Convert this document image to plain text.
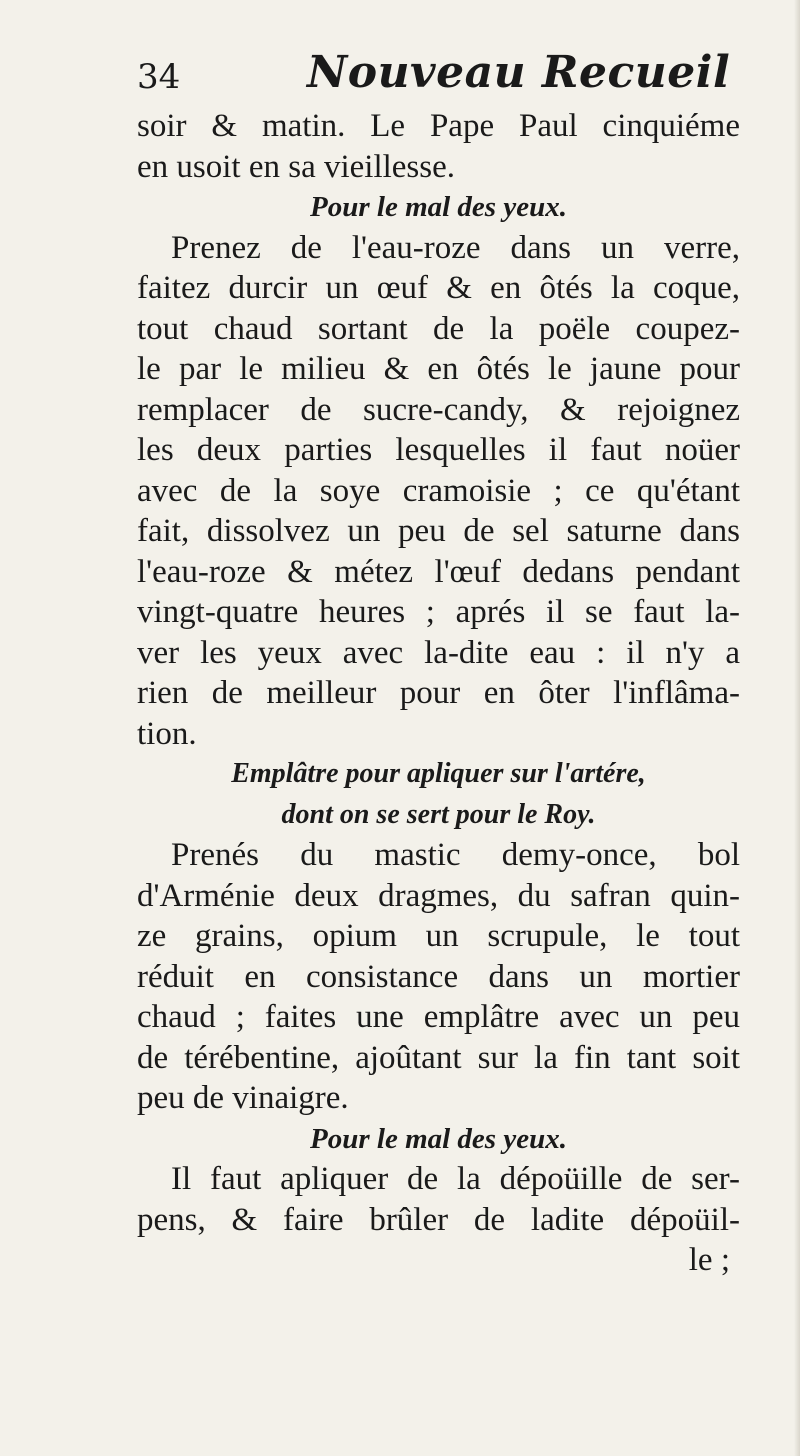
34	Nouveau Recueil
soir & matin. Le Pape Paul cinquiéme
en usoit en sa vieillesse.
Pour le mal des yeux.
Prenez de l'eau-roze dans un verre,
faitez durcir un œuf & en ôtés la coque,
tout chaud sortant de la poële coupez-
le par le milieu & en ôtés le jaune pour
remplacer de sucre-candy, & rejoignez
les deux parties lesquelles il faut noüer
avec de la soye cramoisie ; ce qu'étant
fait, dissolvez un peu de sel saturne dans
l'eau-roze & métez l'œuf dedans pendant
vingt-quatre heures ; aprés il se faut la-
ver les yeux avec la-dite eau : il n'y a
rien de meilleur pour en ôter l'inflâma-
tion.
Emplâtre pour apliquer sur l'artére,
dont on se sert pour le Roy.
Prenés du mastic demy-once, bol
d'Arménie deux dragmes, du safran quin-
ze grains, opium un scrupule, le tout
réduit en consistance dans un mortier
chaud ; faites une emplâtre avec un peu
de térébentine, ajoûtant sur la fin tant soit
peu de vinaigre.
Pour le mal des yeux.
Il faut apliquer de la dépoüille de ser-
pens, & faire brûler de ladite dépoüil-
le ;
